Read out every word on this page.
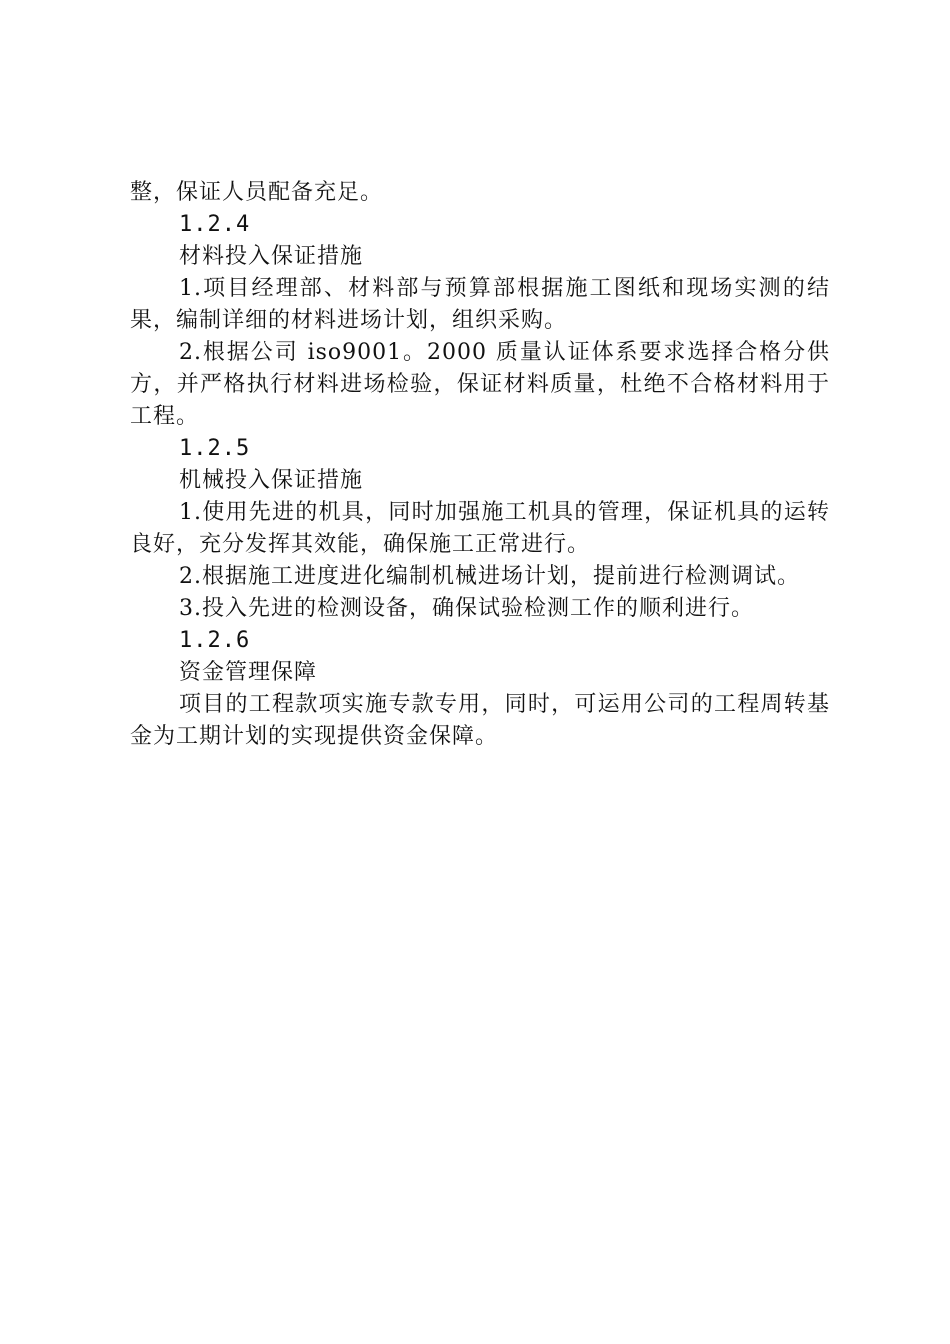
整，保证人员配备充足。

1.2.4

材料投入保证措施

1.项目经理部、材料部与预算部根据施工图纸和现场实测的结果，编制详细的材料进场计划，组织采购。

2.根据公司 iso9001。2000 质量认证体系要求选择合格分供方，并严格执行材料进场检验，保证材料质量，杜绝不合格材料用于工程。

1.2.5

机械投入保证措施

1.使用先进的机具，同时加强施工机具的管理，保证机具的运转良好，充分发挥其效能，确保施工正常进行。

2.根据施工进度进化编制机械进场计划，提前进行检测调试。

3.投入先进的检测设备，确保试验检测工作的顺利进行。

1.2.6

资金管理保障

项目的工程款项实施专款专用，同时，可运用公司的工程周转基金为工期计划的实现提供资金保障。
